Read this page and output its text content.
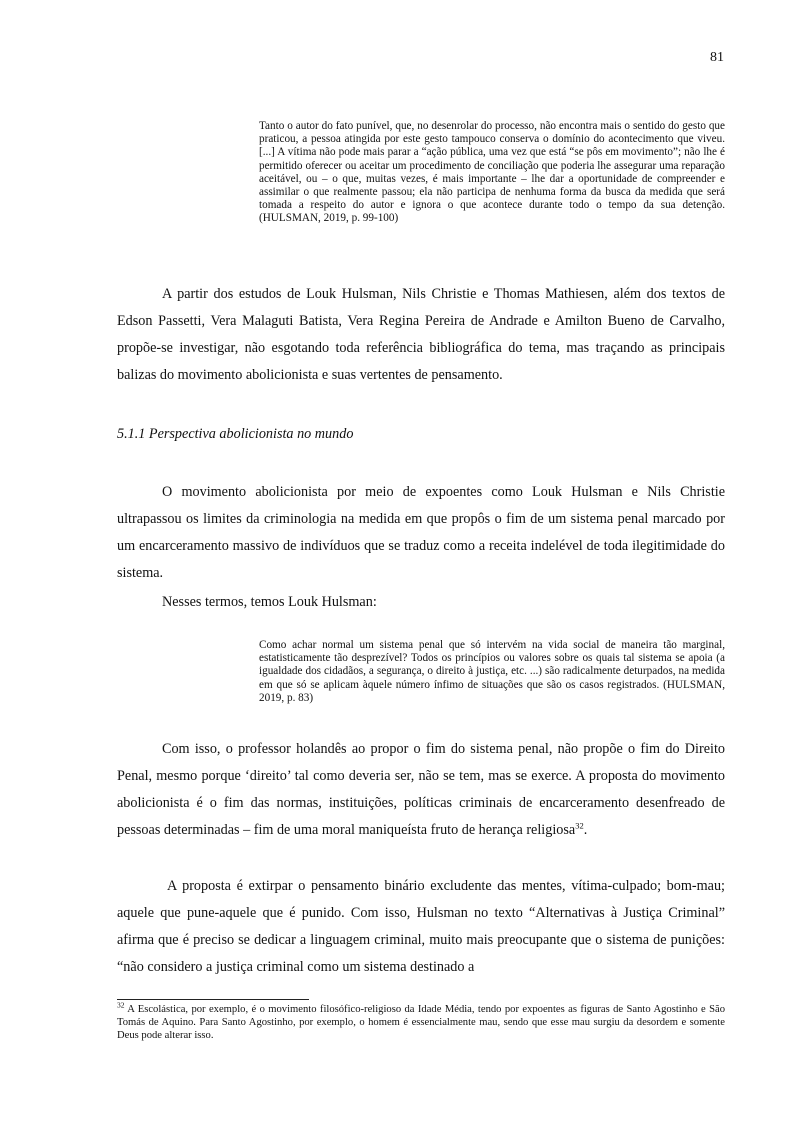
81
Tanto o autor do fato punível, que, no desenrolar do processo, não encontra mais o sentido do gesto que praticou, a pessoa atingida por este gesto tampouco conserva o domínio do acontecimento que viveu. [...] A vítima não pode mais parar a “ação pública, uma vez que está “se pôs em movimento”; não lhe é permitido oferecer ou aceitar um procedimento de conciliação que poderia lhe assegurar uma reparação aceitável, ou – o que, muitas vezes, é mais importante – lhe dar a oportunidade de compreender e assimilar o que realmente passou; ela não participa de nenhuma forma da busca da medida que será tomada a respeito do autor e ignora o que acontece durante todo o tempo da sua detenção. (HULSMAN, 2019, p. 99-100)

A partir dos estudos de Louk Hulsman, Nils Christie e Thomas Mathiesen, além dos textos de Edson Passetti, Vera Malaguti Batista, Vera Regina Pereira de Andrade e Amilton Bueno de Carvalho, propõe-se investigar, não esgotando toda referência bibliográfica do tema, mas traçando as principais balizas do movimento abolicionista e suas vertentes de pensamento.

5.1.1 Perspectiva abolicionista no mundo

O movimento abolicionista por meio de expoentes como Louk Hulsman e Nils Christie ultrapassou os limites da criminologia na medida em que propôs o fim de um sistema penal marcado por um encarceramento massivo de indivíduos que se traduz como a receita indelével de toda ilegitimidade do sistema.

Nesses termos, temos Louk Hulsman:

Como achar normal um sistema penal que só intervém na vida social de maneira tão marginal, estatisticamente tão desprezível? Todos os princípios ou valores sobre os quais tal sistema se apoia (a igualdade dos cidadãos, a segurança, o direito à justiça, etc. ...) são radicalmente deturpados, na medida em que só se aplicam àquele número ínfimo de situações que são os casos registrados. (HULSMAN, 2019, p. 83)

Com isso, o professor holandês ao propor o fim do sistema penal, não propõe o fim do Direito Penal, mesmo porque ‘direito’ tal como deveria ser, não se tem, mas se exerce. A proposta do movimento abolicionista é o fim das normas, instituições, políticas criminais de encarceramento desenfreado de pessoas determinadas – fim de uma moral maniqueísta fruto de herança religiosa$^{32}$.

A proposta é extirpar o pensamento binário excludente das mentes, vítima-culpado; bom-mau; aquele que pune-aquele que é punido. Com isso, Hulsman no texto “Alternativas à Justiça Criminal” afirma que é preciso se dedicar a linguagem criminal, muito mais preocupante que o sistema de punições: “não considero a justiça criminal como um sistema destinado a

$^{32}$ A Escolástica, por exemplo, é o movimento filosófico-religioso da Idade Média, tendo por expoentes as figuras de Santo Agostinho e São Tomás de Aquino. Para Santo Agostinho, por exemplo, o homem é essencialmente mau, sendo que esse mau surgiu da desordem e somente Deus pode alterar isso.
